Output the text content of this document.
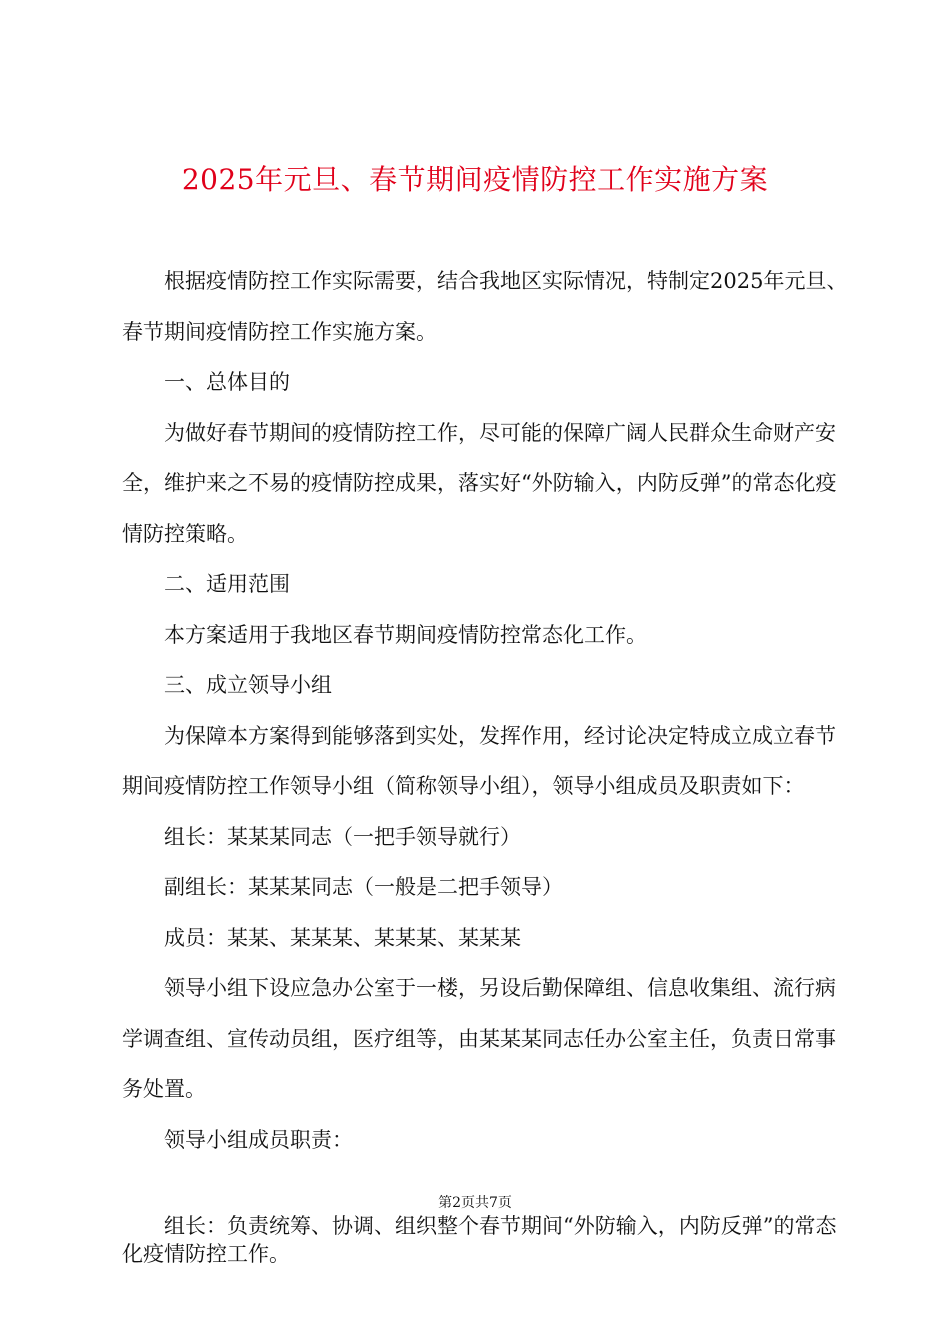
2025年元旦、春节期间疫情防控工作实施方案

根据疫情防控工作实际需要，结合我地区实际情况，特制定2025年元旦、春节期间疫情防控工作实施方案。

一、总体目的

为做好春节期间的疫情防控工作，尽可能的保障广阔人民群众生命财产安全，维护来之不易的疫情防控成果，落实好“外防输入，内防反弹”的常态化疫情防控策略。

二、适用范围

本方案适用于我地区春节期间疫情防控常态化工作。

三、成立领导小组

为保障本方案得到能够落到实处，发挥作用，经讨论决定特成立成立春节期间疫情防控工作领导小组（简称领导小组），领导小组成员及职责如下：

组长：某某某同志（一把手领导就行）

副组长：某某某同志（一般是二把手领导）

成员：某某、某某某、某某某、某某某

领导小组下设应急办公室于一楼，另设后勤保障组、信息收集组、流行病学调查组、宣传动员组，医疗组等，由某某某同志任办公室主任，负责日常事务处置。

领导小组成员职责：

第2页共7页

组长：负责统筹、协调、组织整个春节期间“外防输入，内防反弹”的常态化疫情防控工作。
